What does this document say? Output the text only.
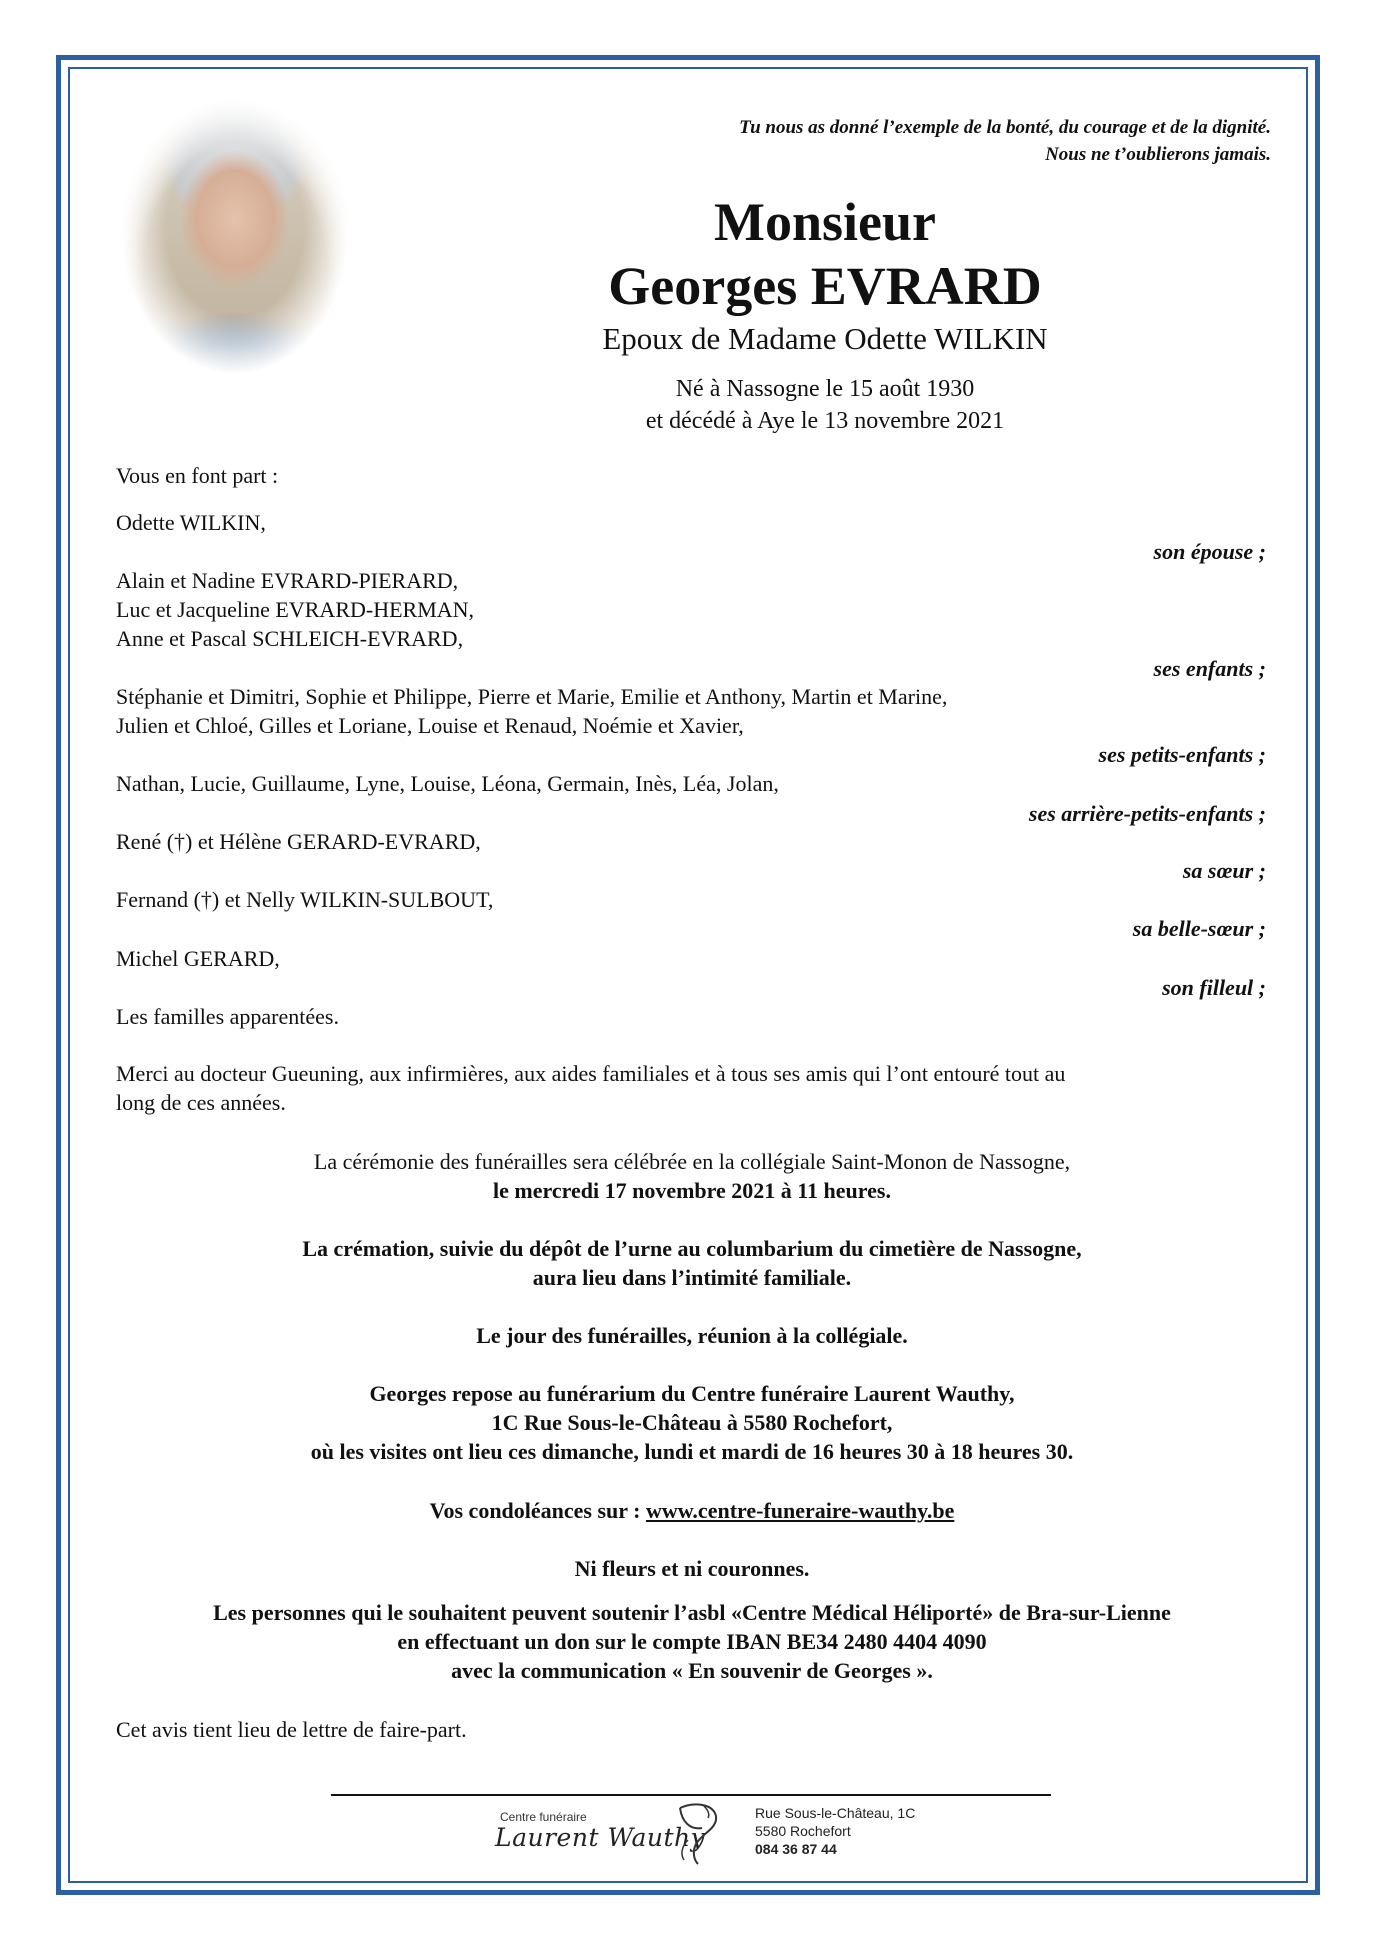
Tu nous as donné l’exemple de la bonté, du courage et de la dignité.
Nous ne t’oublierons jamais.
Monsieur
Georges EVRARD
Epoux de Madame Odette WILKIN
Né à Nassogne le 15 août 1930
et décédé à Aye le 13 novembre 2021
Vous en font part :
Odette WILKIN,
son épouse ;
Alain et Nadine EVRARD-PIERARD,
Luc et Jacqueline EVRARD-HERMAN,
Anne et Pascal SCHLEICH-EVRARD,
ses enfants ;
Stéphanie et Dimitri, Sophie et Philippe, Pierre et Marie, Emilie et Anthony, Martin et Marine,
Julien et Chloé, Gilles et Loriane, Louise et Renaud, Noémie et Xavier,
ses petits-enfants ;
Nathan, Lucie, Guillaume, Lyne, Louise, Léona, Germain, Inès, Léa, Jolan,
ses arrière-petits-enfants ;
René (†) et Hélène GERARD-EVRARD,
sa sœur ;
Fernand (†) et Nelly WILKIN-SULBOUT,
sa belle-sœur ;
Michel GERARD,
son filleul ;
Les familles apparentées.
Merci au docteur Gueuning, aux infirmières, aux aides familiales et à tous ses amis qui l’ont entouré tout au
long de ces années.
La cérémonie des funérailles sera célébrée en la collégiale Saint-Monon de Nassogne,
le mercredi 17 novembre 2021 à 11 heures.
La crémation, suivie du dépôt de l’urne au columbarium du cimetière de Nassogne,
aura lieu dans l’intimité familiale.
Le jour des funérailles, réunion à la collégiale.
Georges repose au funérarium du Centre funéraire Laurent Wauthy,
1C Rue Sous-le-Château à 5580 Rochefort,
où les visites ont lieu ces dimanche, lundi et mardi de 16 heures 30 à 18 heures 30.
Vos condoléances sur : www.centre-funeraire-wauthy.be
Ni fleurs et ni couronnes.
Les personnes qui le souhaitent peuvent soutenir l’asbl «Centre Médical Héliporté» de Bra-sur-Lienne
en effectuant un don sur le compte IBAN BE34 2480 4404 4090
avec la communication « En souvenir de Georges ».
Cet avis tient lieu de lettre de faire-part.
Centre funéraire
Laurent Wauthy
Rue Sous-le-Château, 1C
5580 Rochefort
084 36 87 44
